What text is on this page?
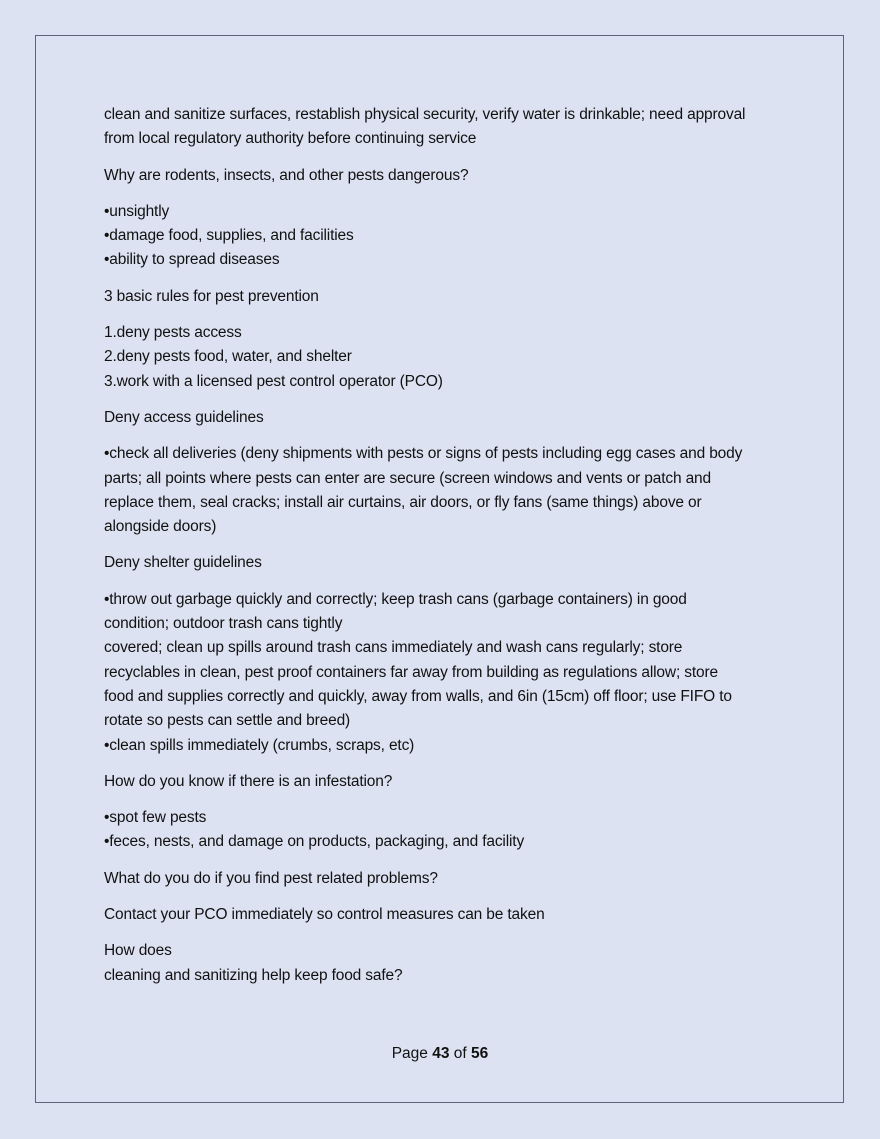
clean and sanitize surfaces, restablish physical security, verify water is drinkable; need approval
from local regulatory authority before continuing service

Why are rodents, insects, and other pests dangerous?

•unsightly
•damage food, supplies, and facilities
•ability to spread diseases

3 basic rules for pest prevention

1.deny pests access
2.deny pests food, water, and shelter
3.work with a licensed pest control operator (PCO)

Deny access guidelines

•check all deliveries (deny shipments with pests or signs of pests including egg cases and body
parts; all points where pests can enter are secure (screen windows and vents or patch and
replace them, seal cracks; install air curtains, air doors, or fly fans (same things) above or
alongside doors)

Deny shelter guidelines

•throw out garbage quickly and correctly; keep trash cans (garbage containers) in good
condition; outdoor trash cans tightly
covered; clean up spills around trash cans immediately and wash cans regularly; store
recyclables in clean, pest proof containers far away from building as regulations allow; store
food and supplies correctly and quickly, away from walls, and 6in (15cm) off floor; use FIFO to
rotate so pests can settle and breed)
•clean spills immediately (crumbs, scraps, etc)

How do you know if there is an infestation?

•spot few pests
•feces, nests, and damage on products, packaging, and facility

What do you do if you find pest related problems?

Contact your PCO immediately so control measures can be taken

How does
cleaning and sanitizing help keep food safe?

Page 43 of 56
